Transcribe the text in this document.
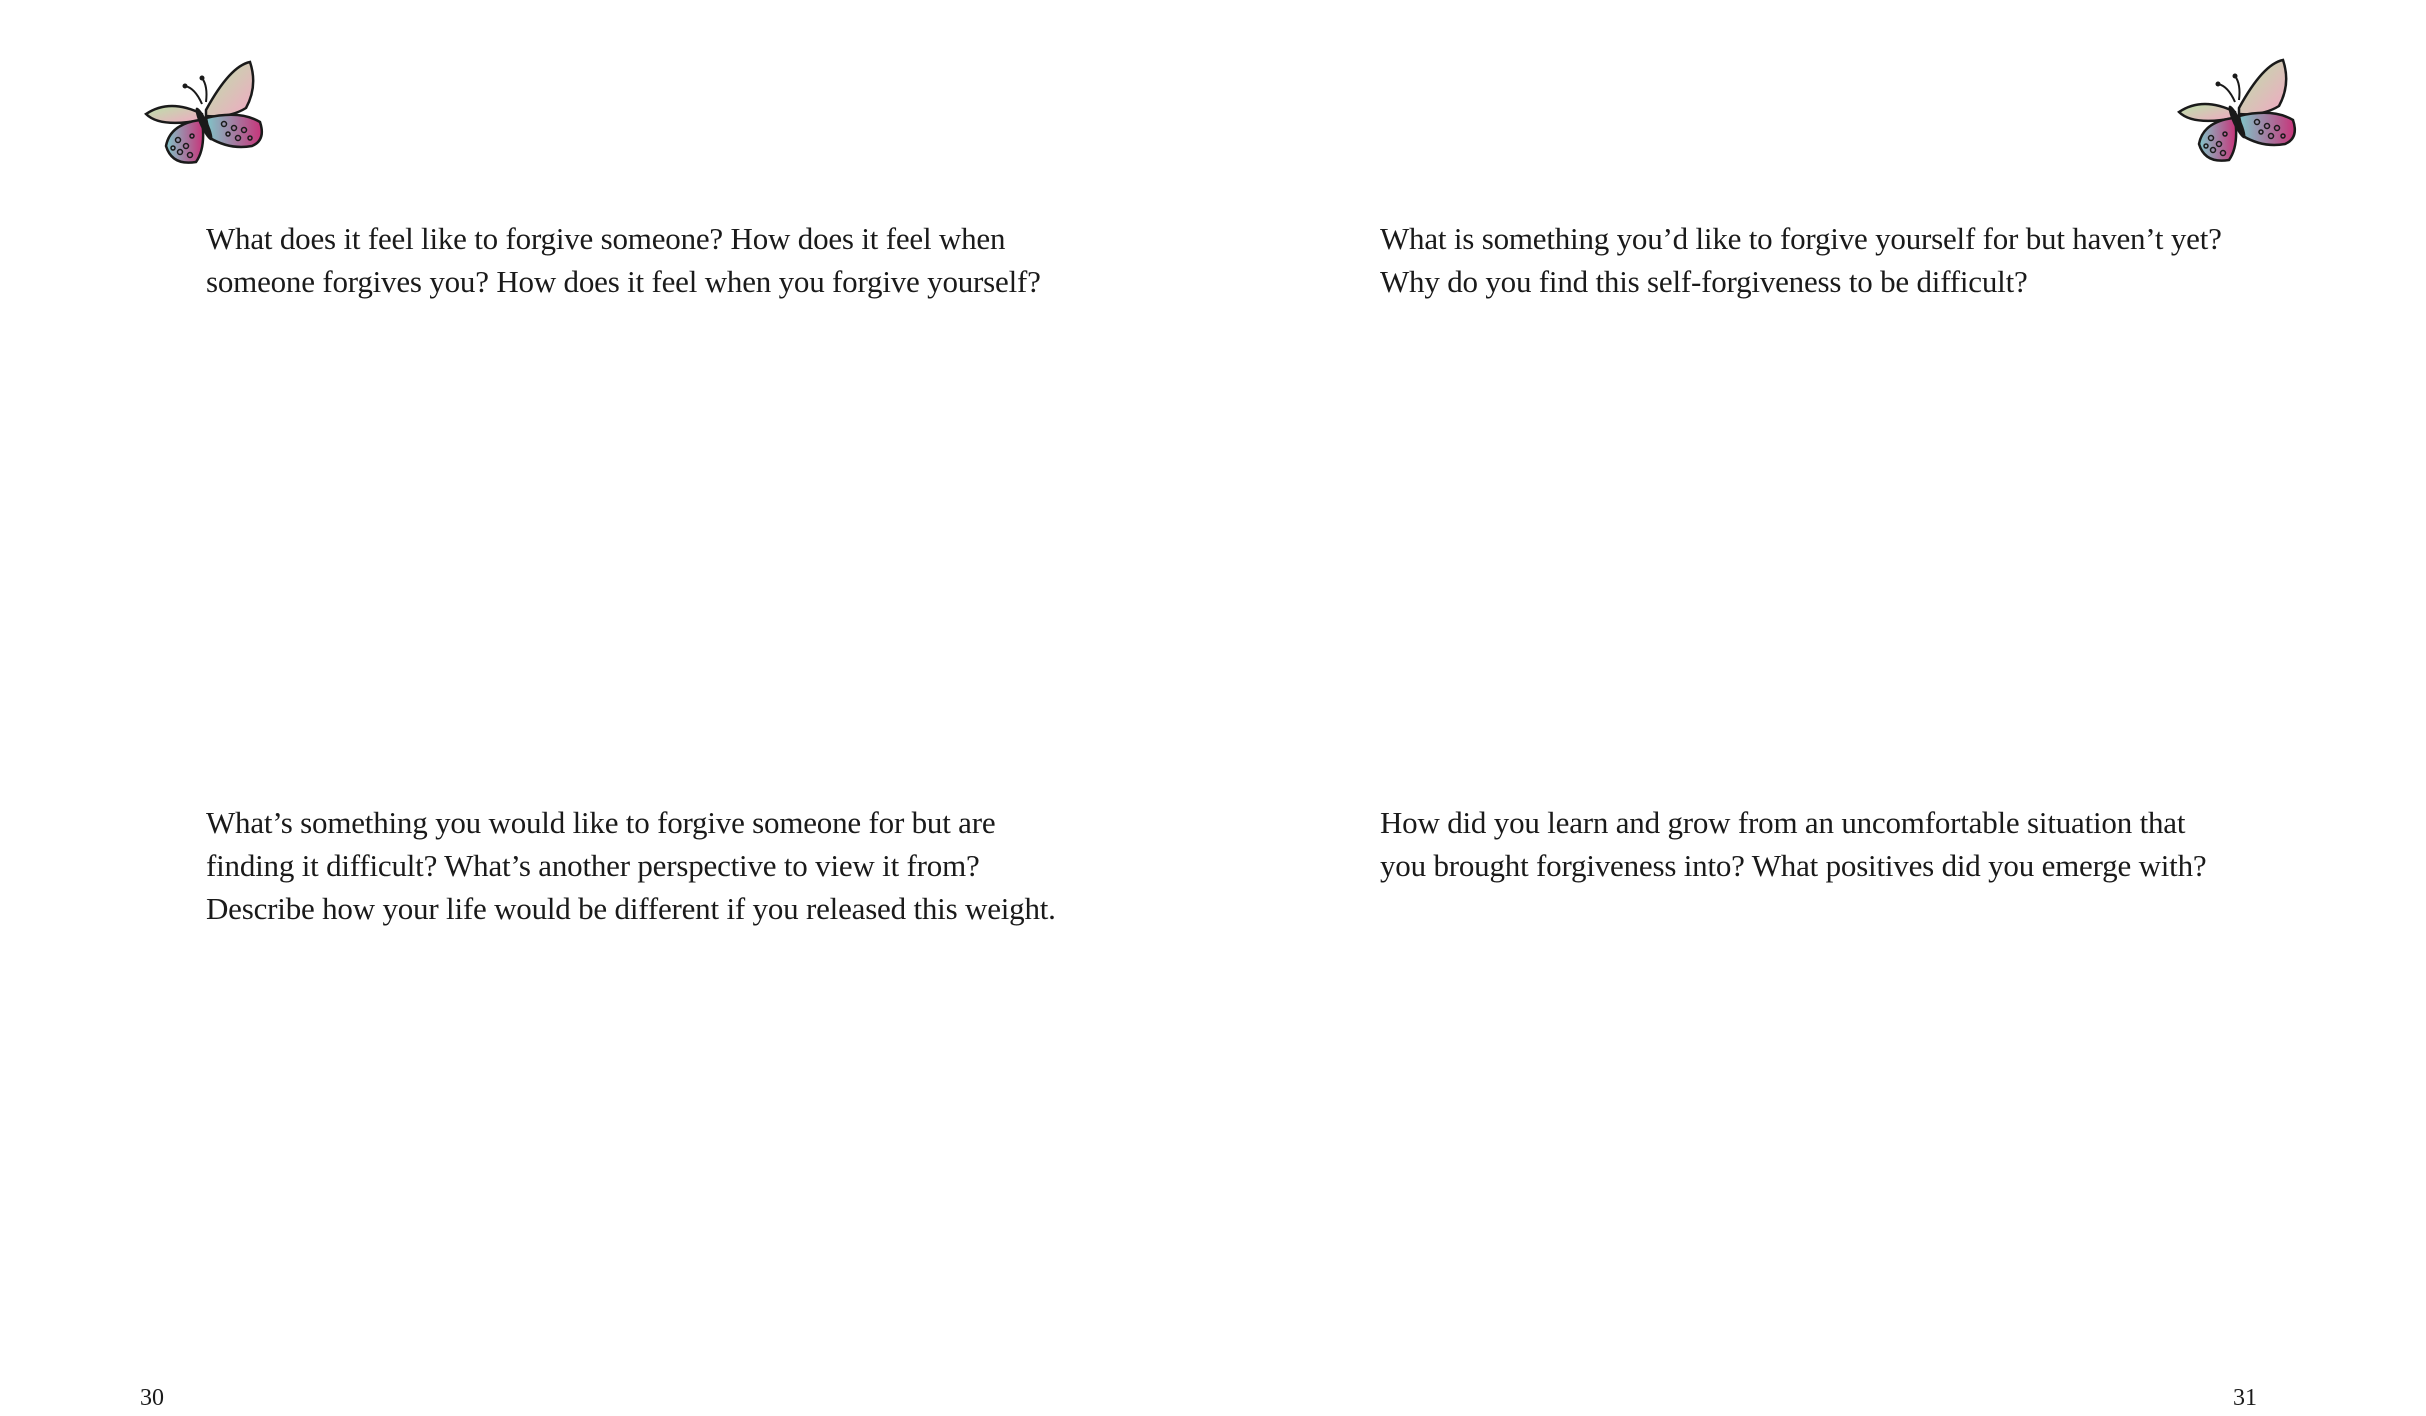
What does it feel like to forgive someone? How does it feel when
someone forgives you? How does it feel when you forgive yourself?

What’s something you would like to forgive someone for but are
finding it difficult? What’s another perspective to view it from?
Describe how your life would be different if you released this weight.

30

What is something you’d like to forgive yourself for but haven’t yet?
Why do you find this self-forgiveness to be difficult?

How did you learn and grow from an uncomfortable situation that
you brought forgiveness into? What positives did you emerge with?

31
